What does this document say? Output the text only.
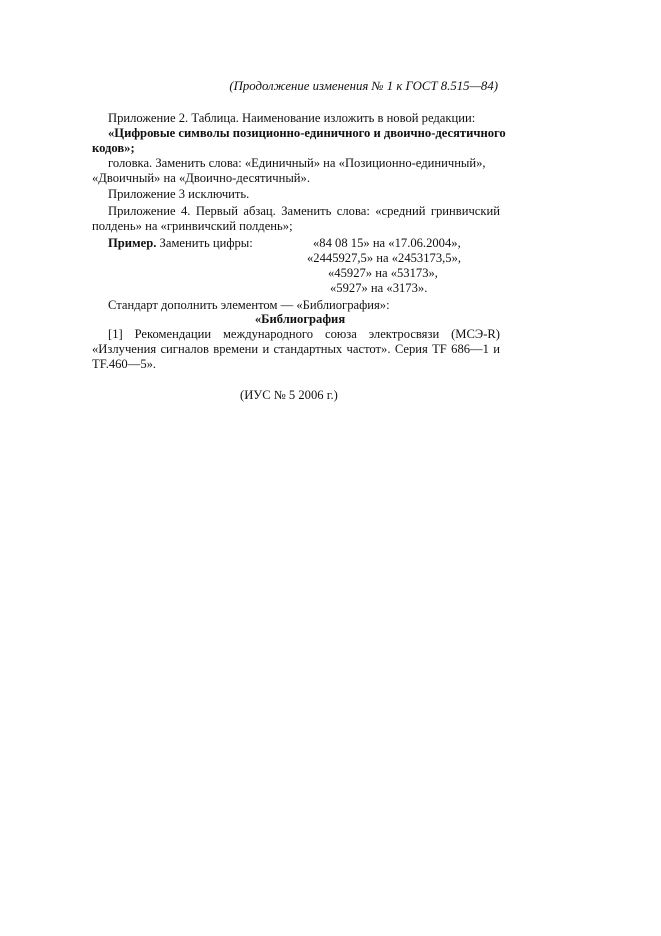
(Продолжение изменения № 1 к ГОСТ 8.515—84)
Приложение 2. Таблица. Наименование изложить в новой редакции:
«Цифровые символы позиционно-единичного и двоично-десятичного
кодов»;
головка. Заменить слова: «Единичный» на «Позиционно-единичный»,
«Двоичный» на «Двоично-десятичный».
Приложение 3 исключить.
Приложение 4. Первый абзац. Заменить слова: «средний гринвичский
полдень» на «гринвичский полдень»;
Пример. Заменить цифры:	«84 08 15» на «17.06.2004»,
«2445927,5» на «2453173,5»,
«45927» на «53173»,
«5927» на «3173».
Стандарт дополнить элементом — «Библиография»:
«Библиография
[1] Рекомендации международного союза электросвязи (МСЭ-R)
«Излучения сигналов времени и стандартных частот». Серия TF 686—1 и
TF.460—5».
(ИУС № 5 2006 г.)
